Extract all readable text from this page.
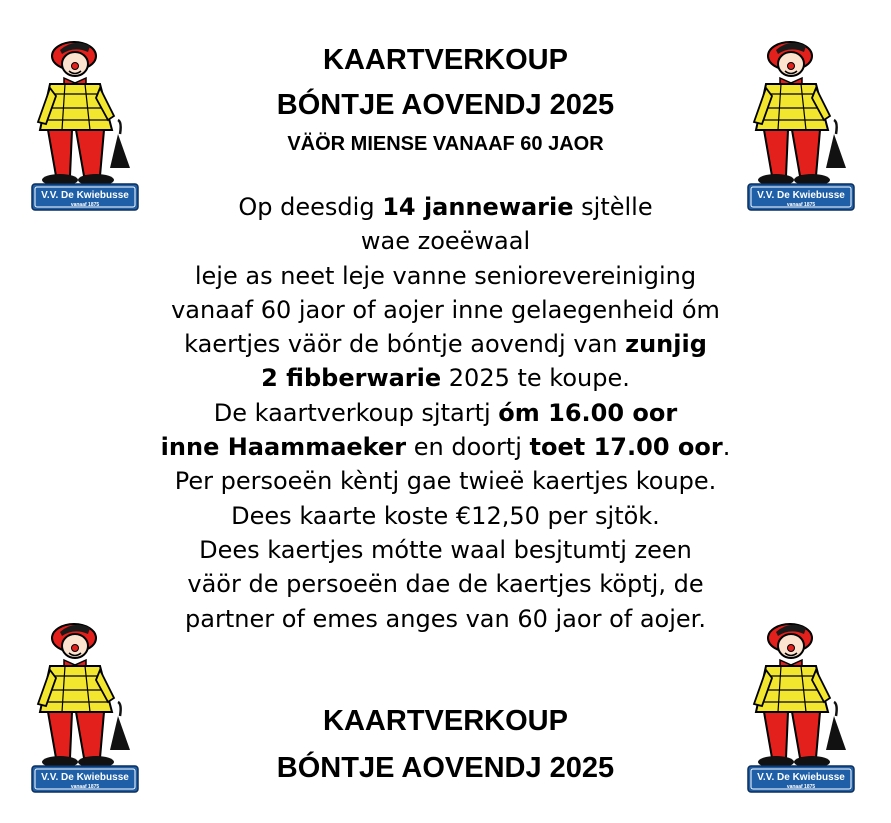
KAARTVERKOUP
BÓNTJE AOVENDJ 2025
VÄÖR MIENSE VANAAF 60 JAOR
Op deesdig 14 jannewarie sjtèlle
wae zoeëwaal
leje as neet leje vanne seniorevereiniging
vanaaf 60 jaor of aojer inne gelaegenheid óm
kaertjes väör de bóntje aovendj van zunjig
2 fibberwarie 2025 te koupe.
De kaartverkoup sjtartj óm 16.00 oor
inne Haammaeker en doortj toet 17.00 oor.
Per persoeën kèntj gae twieë kaertjes koupe.
Dees kaarte koste €12,50 per sjtök.
Dees kaertjes mótte waal besjtumtj zeen
väör de persoeën dae de kaertjes köptj, de
partner of emes anges van 60 jaor of aojer.
KAARTVERKOUP
BÓNTJE AOVENDJ 2025
V.V. De Kwiebusse
vanaaf 1875
V.V. De Kwiebusse
vanaaf 1875
V.V. De Kwiebusse
vanaaf 1875
V.V. De Kwiebusse
vanaaf 1875
